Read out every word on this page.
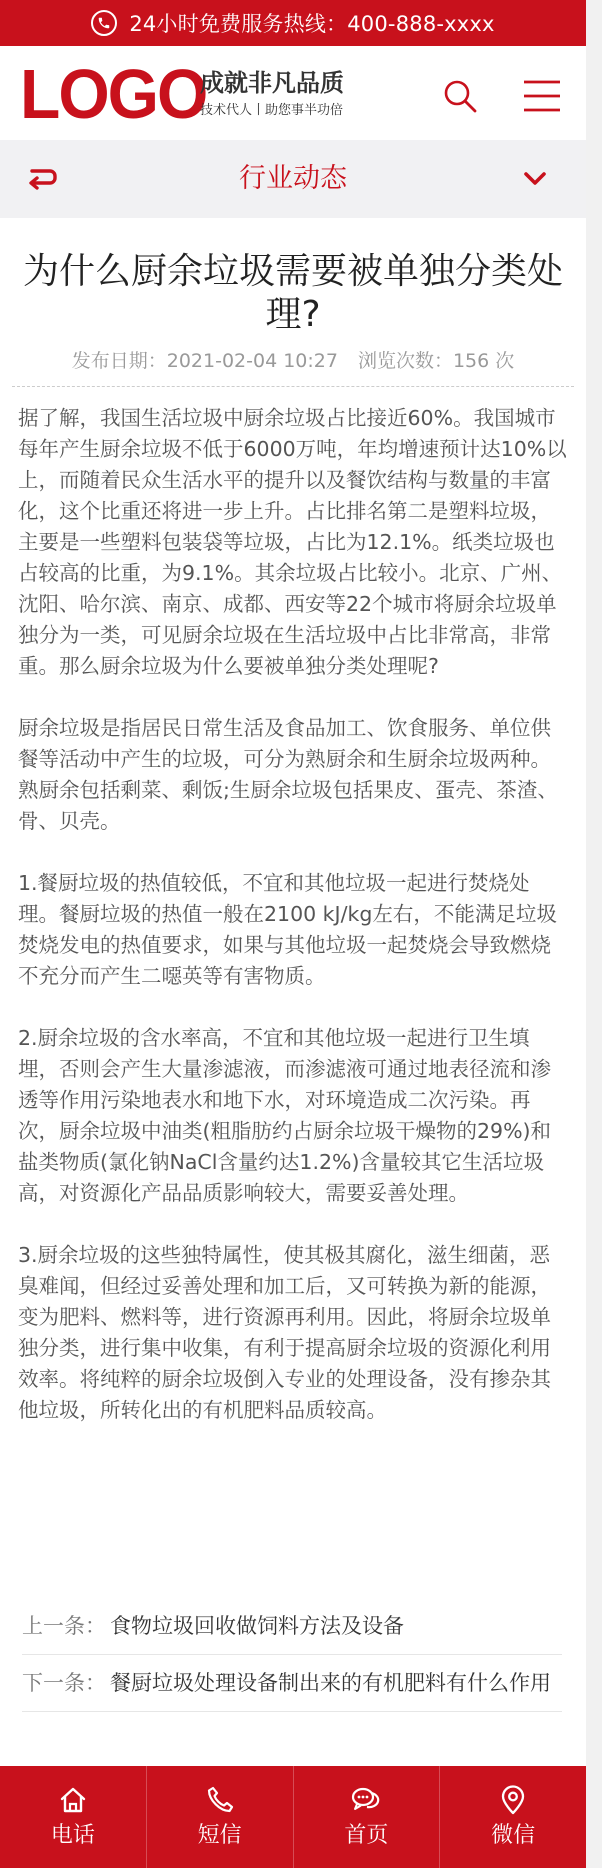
24小时免费服务热线：400-888-xxxx
LOGO
成就非凡品质
技术代人丨助您事半功倍
行业动态
为什么厨余垃圾需要被单独分类处理?
发布日期：2021-02-04 10:27 浏览次数：156 次

据了解，我国生活垃圾中厨余垃圾占比接近60%。我国城市每年产生厨余垃圾不低于6000万吨，年均增速预计达10%以上，而随着民众生活水平的提升以及餐饮结构与数量的丰富化，这个比重还将进一步上升。占比排名第二是塑料垃圾，主要是一些塑料包装袋等垃圾，占比为12.1%。纸类垃圾也占较高的比重，为9.1%。其余垃圾占比较小。北京、广州、沈阳、哈尔滨、南京、成都、西安等22个城市将厨余垃圾单独分为一类，可见厨余垃圾在生活垃圾中占比非常高，非常重。那么厨余垃圾为什么要被单独分类处理呢?

厨余垃圾是指居民日常生活及食品加工、饮食服务、单位供餐等活动中产生的垃圾，可分为熟厨余和生厨余垃圾两种。熟厨余包括剩菜、剩饭;生厨余垃圾包括果皮、蛋壳、茶渣、骨、贝壳。

1.餐厨垃圾的热值较低，不宜和其他垃圾一起进行焚烧处理。餐厨垃圾的热值一般在2100 kJ/kg左右，不能满足垃圾焚烧发电的热值要求，如果与其他垃圾一起焚烧会导致燃烧不充分而产生二噁英等有害物质。

2.厨余垃圾的含水率高，不宜和其他垃圾一起进行卫生填埋，否则会产生大量渗滤液，而渗滤液可通过地表径流和渗透等作用污染地表水和地下水，对环境造成二次污染。再次，厨余垃圾中油类(粗脂肪约占厨余垃圾干燥物的29%)和盐类物质(氯化钠NaCl含量约达1.2%)含量较其它生活垃圾高，对资源化产品品质影响较大，需要妥善处理。

3.厨余垃圾的这些独特属性，使其极其腐化，滋生细菌，恶臭难闻，但经过妥善处理和加工后，又可转换为新的能源，变为肥料、燃料等，进行资源再利用。因此，将厨余垃圾单独分类，进行集中收集，有利于提高厨余垃圾的资源化利用效率。将纯粹的厨余垃圾倒入专业的处理设备，没有掺杂其他垃圾，所转化出的有机肥料品质较高。

上一条： 食物垃圾回收做饲料方法及设备
下一条： 餐厨垃圾处理设备制出来的有机肥料有什么作用
电话	短信	首页	微信
